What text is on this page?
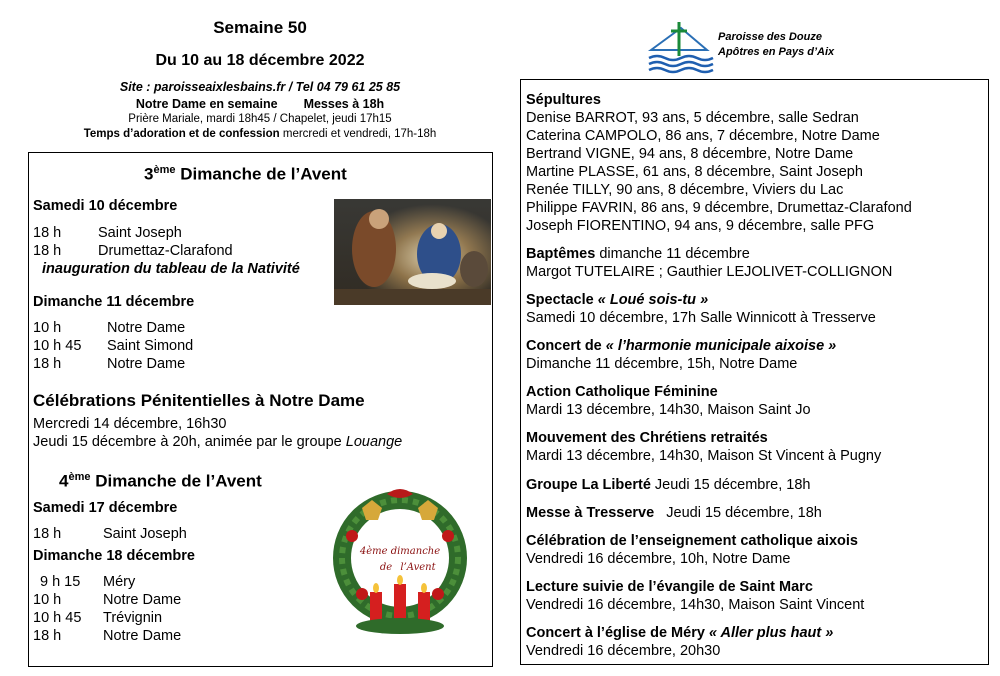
Semaine 50
Du 10 au 18 décembre 2022
Site : paroisseaixlesbains.fr / Tel 04 79 61 25 85
Notre Dame en semaine Messes à 18h
Prière Mariale, mardi 18h45 / Chapelet, jeudi 17h15
Temps d’adoration et de confession mercredi et vendredi, 17h-18h
Paroisse des Douze
Apôtres en Pays d’Aix
3ème Dimanche de l’Avent
Samedi 10 décembre
18 h	Saint Joseph
18 h	Drumettaz-Clarafond
inauguration du tableau de la Nativité
Dimanche 11 décembre
10 h	Notre Dame
10 h 45 Saint Simond
18 h	Notre Dame
Célébrations Pénitentielles à Notre Dame
Mercredi 14 décembre, 16h30
Jeudi 15 décembre à 20h, animée par le groupe Louange
4ème Dimanche de l’Avent
Samedi 17 décembre
18 h	Saint Joseph
Dimanche 18 décembre
9 h 15 Méry
10 h	Notre Dame
10 h 45 Trévignin
18 h	Notre Dame
4ème dimanche
de l’Avent
Sépultures
Denise BARROT, 93 ans, 5 décembre, salle Sedran
Caterina CAMPOLO, 86 ans, 7 décembre, Notre Dame
Bertrand VIGNE, 94 ans, 8 décembre, Notre Dame
Martine PLASSE, 61 ans, 8 décembre, Saint Joseph
Renée TILLY, 90 ans, 8 décembre, Viviers du Lac
Philippe FAVRIN, 86 ans, 9 décembre, Drumettaz-Clarafond
Joseph FIORENTINO, 94 ans, 9 décembre, salle PFG
Baptêmes dimanche 11 décembre
Margot TUTELAIRE ; Gauthier LEJOLIVET-COLLIGNON
Spectacle « Loué sois-tu »
Samedi 10 décembre, 17h Salle Winnicott à Tresserve
Concert de « l’harmonie municipale aixoise »
Dimanche 11 décembre, 15h, Notre Dame
Action Catholique Féminine
Mardi 13 décembre, 14h30, Maison Saint Jo
Mouvement des Chrétiens retraités
Mardi 13 décembre, 14h30, Maison St Vincent à Pugny
Groupe La Liberté Jeudi 15 décembre, 18h
Messe à Tresserve   Jeudi 15 décembre, 18h
Célébration de l’enseignement catholique aixois
Vendredi 16 décembre, 10h, Notre Dame
Lecture suivie de l’évangile de Saint Marc
Vendredi 16 décembre, 14h30, Maison Saint Vincent
Concert à l’église de Méry « Aller plus haut »
Vendredi 16 décembre, 20h30
